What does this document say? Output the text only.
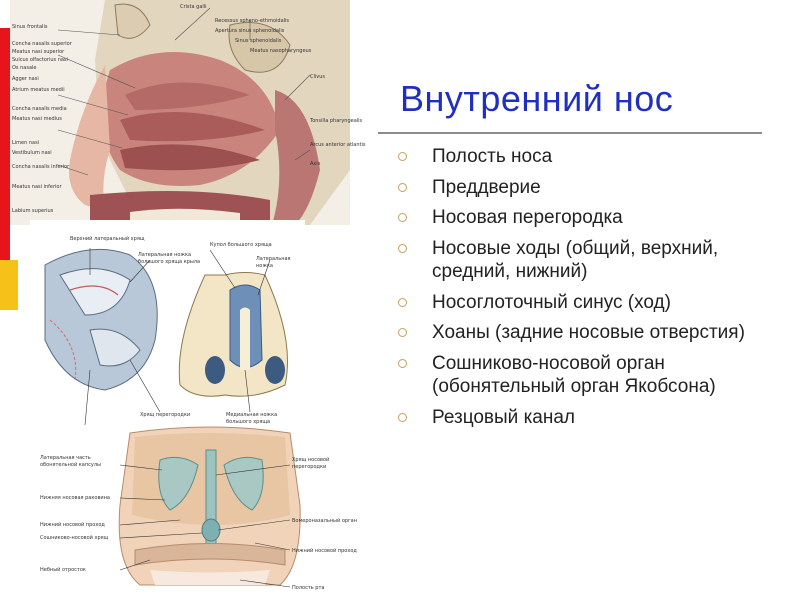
Sinus frontalis
Concha nasalis superior
Meatus nasi superior
Sulcus olfactorius nasi
Os nasale
Agger nasi
Atrium meatus medii
Concha nasalis media
Meatus nasi medius
Limen nasi
Vestibulum nasi
Concha nasalis inferior
Meatus nasi inferior
Labium superius
Crista galli
Recessus spheno-ethmoidalis
Apertura sinus sphenoidalis
Sinus sphenoidalis
Meatus nasopharyngeus
Clivus
Tonsilla pharyngealis
Arcus anterior atlantis
Axis
Верхний латеральный хрящ
Латеральная ножка
большого хряща крыла
Купол большого хряща
Латеральная
ножка
Хрящ перегородки	Медиальная ножка
большого хряща
Латеральная часть
обонятельной капсулы
Нижняя носовая раковина
Нижний носовой проход
Сошниково-носовой хрящ
Небный отросток
Хрящ носовой
перегородки
Вомероназальный орган
Нижний носовой проход
Полость рта
Внутренний нос
Полость носа
Преддверие
Носовая перегородка
Носовые ходы (общий, верхний, средний, нижний)
Носоглоточный синус (ход)
Хоаны (задние носовые отверстия)
Сошниково-носовой орган (обонятельный орган Якобсона)
Резцовый канал
